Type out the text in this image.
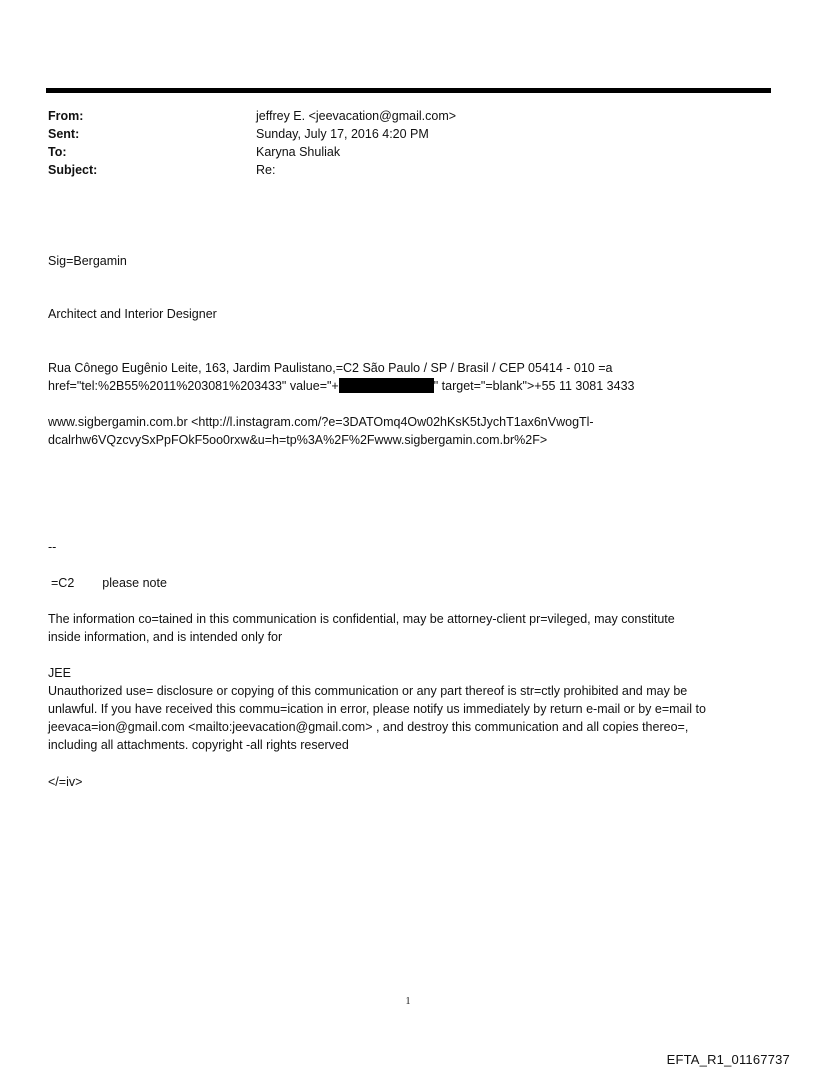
From:	jeffrey E. <jeevacation@gmail.com>
Sent:	Sunday, July 17, 2016 4:20 PM
To:	Karyna Shuliak
Subject:	Re:
Sig=Bergamin
Architect and Interior Designer
Rua Cônego Eugênio Leite, 163, Jardim Paulistano,=C2 São Paulo / SP / Brasil / CEP 05414 - 010 =a
href="tel:%2B55%2011%203081%203433" value="+	" target="=blank">+55 11 3081 3433
www.sigbergamin.com.br <http://l.instagram.com/?e=3DATOmq4Ow02hKsK5tJychT1ax6nVwogTl-
dcalrhw6VQzcvySxPpFOkF5oo0rxw&u=h=tp%3A%2F%2Fwww.sigbergamin.com.br%2F>
--
=C2 please note
The information co=tained in this communication is confidential, may be attorney-client pr=vileged, may constitute
inside information, and is intended only for
JEE
Unauthorized use= disclosure or copying of this communication or any part thereof is str=ctly prohibited and may be
unlawful. If you have received this commu=ication in error, please notify us immediately by return e-mail or by e=mail to
jeevaca=ion@gmail.com <mailto:jeevacation@gmail.com> , and destroy this communication and all copies thereo=,
including all attachments. copyright -all rights reserved
</=iv>
1
EFTA_R1_01167737
